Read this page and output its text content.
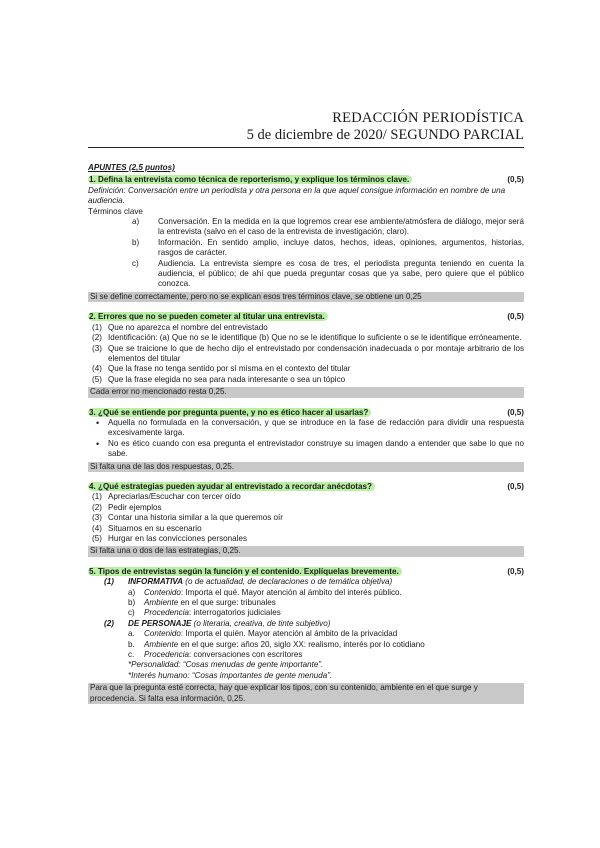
REDACCIÓN PERIODÍSTICA
5 de diciembre de 2020/ SEGUNDO PARCIAL
APUNTES (2,5 puntos)
1. Defina la entrevista como técnica de reporterismo, y explique los términos clave.	(0,5)
Definición: Conversación entre un periodista y otra persona en la que aquel consigue información en nombre de una audiencia.
Términos clave
a) Conversación. En la medida en la que logremos crear ese ambiente/atmósfera de diálogo, mejor será la entrevista (salvo en el caso de la entrevista de investigación, claro).
b) Información. En sentido amplio, incluye datos, hechos, ideas, opiniones, argumentos, historias, rasgos de carácter.
c) Audiencia. La entrevista siempre es cosa de tres, el periodista pregunta teniendo en cuenta la audiencia, el público; de ahí que pueda preguntar cosas que ya sabe, pero quiere que el público conozca.
Si se define correctamente, pero no se explican esos tres términos clave, se obtiene un 0,25
2. Errores que no se pueden cometer al titular una entrevista.	(0,5)
(1) Que no aparezca el nombre del entrevistado
(2) Identificación: (a) Que no se le identifique (b) Que no se le identifique lo suficiente o se le identifique erróneamente.
(3) Que se traicione lo que de hecho dijo el entrevistado por condensación inadecuada o por montaje arbitrario de los elementos del titular
(4) Que la frase no tenga sentido por sí misma en el contexto del titular
(5) Que la frase elegida no sea para nada interesante o sea un tópico
Cada error no mencionado resta 0,25.
3. ¿Qué se entiende por pregunta puente, y no es ético hacer al usarlas?	(0,5)
• Aquella no formulada en la conversación, y que se introduce en la fase de redacción para dividir una respuesta excesivamente larga.
• No es ético cuando con esa pregunta el entrevistador construye su imagen dando a entender que sabe lo que no sabe.
Si falta una de las dos respuestas, 0,25.
4. ¿Qué estrategias pueden ayudar al entrevistado a recordar anécdotas?	(0,5)
(1) Apreciarlas/Escuchar con tercer oído
(2) Pedir ejemplos
(3) Contar una historia similar a la que queremos oír
(4) Situarnos en su escenario
(5) Hurgar en las convicciones personales
Si falta una o dos de las estrategias, 0,25.
5. Tipos de entrevistas según la función y el contenido. Explíquelas brevemente.	(0,5)
(1) INFORMATIVA (o de actualidad, de declaraciones o de temática objetiva)
a) Contenido: Importa el qué. Mayor atención al ámbito del interés público.
b) Ambiente en el que surge: tribunales
c) Procedencia: interrogatorios judiciales
(2) DE PERSONAJE (o literaria, creativa, de tinte subjetivo)
a. Contenido: Importa el quién. Mayor atención al ámbito de la privacidad
b. Ambiente en el que surge: años 20, siglo XX: realismo, interés por lo cotidiano
c. Procedencia: conversaciones con escritores
*Personalidad: “Cosas menudas de gente importante”.
*Interés humano: “Cosas importantes de gente menuda”.
Para que la pregunta esté correcta, hay que explicar los tipos, con su contenido, ambiente en el que surge y procedencia. Si falta esa información, 0,25.
